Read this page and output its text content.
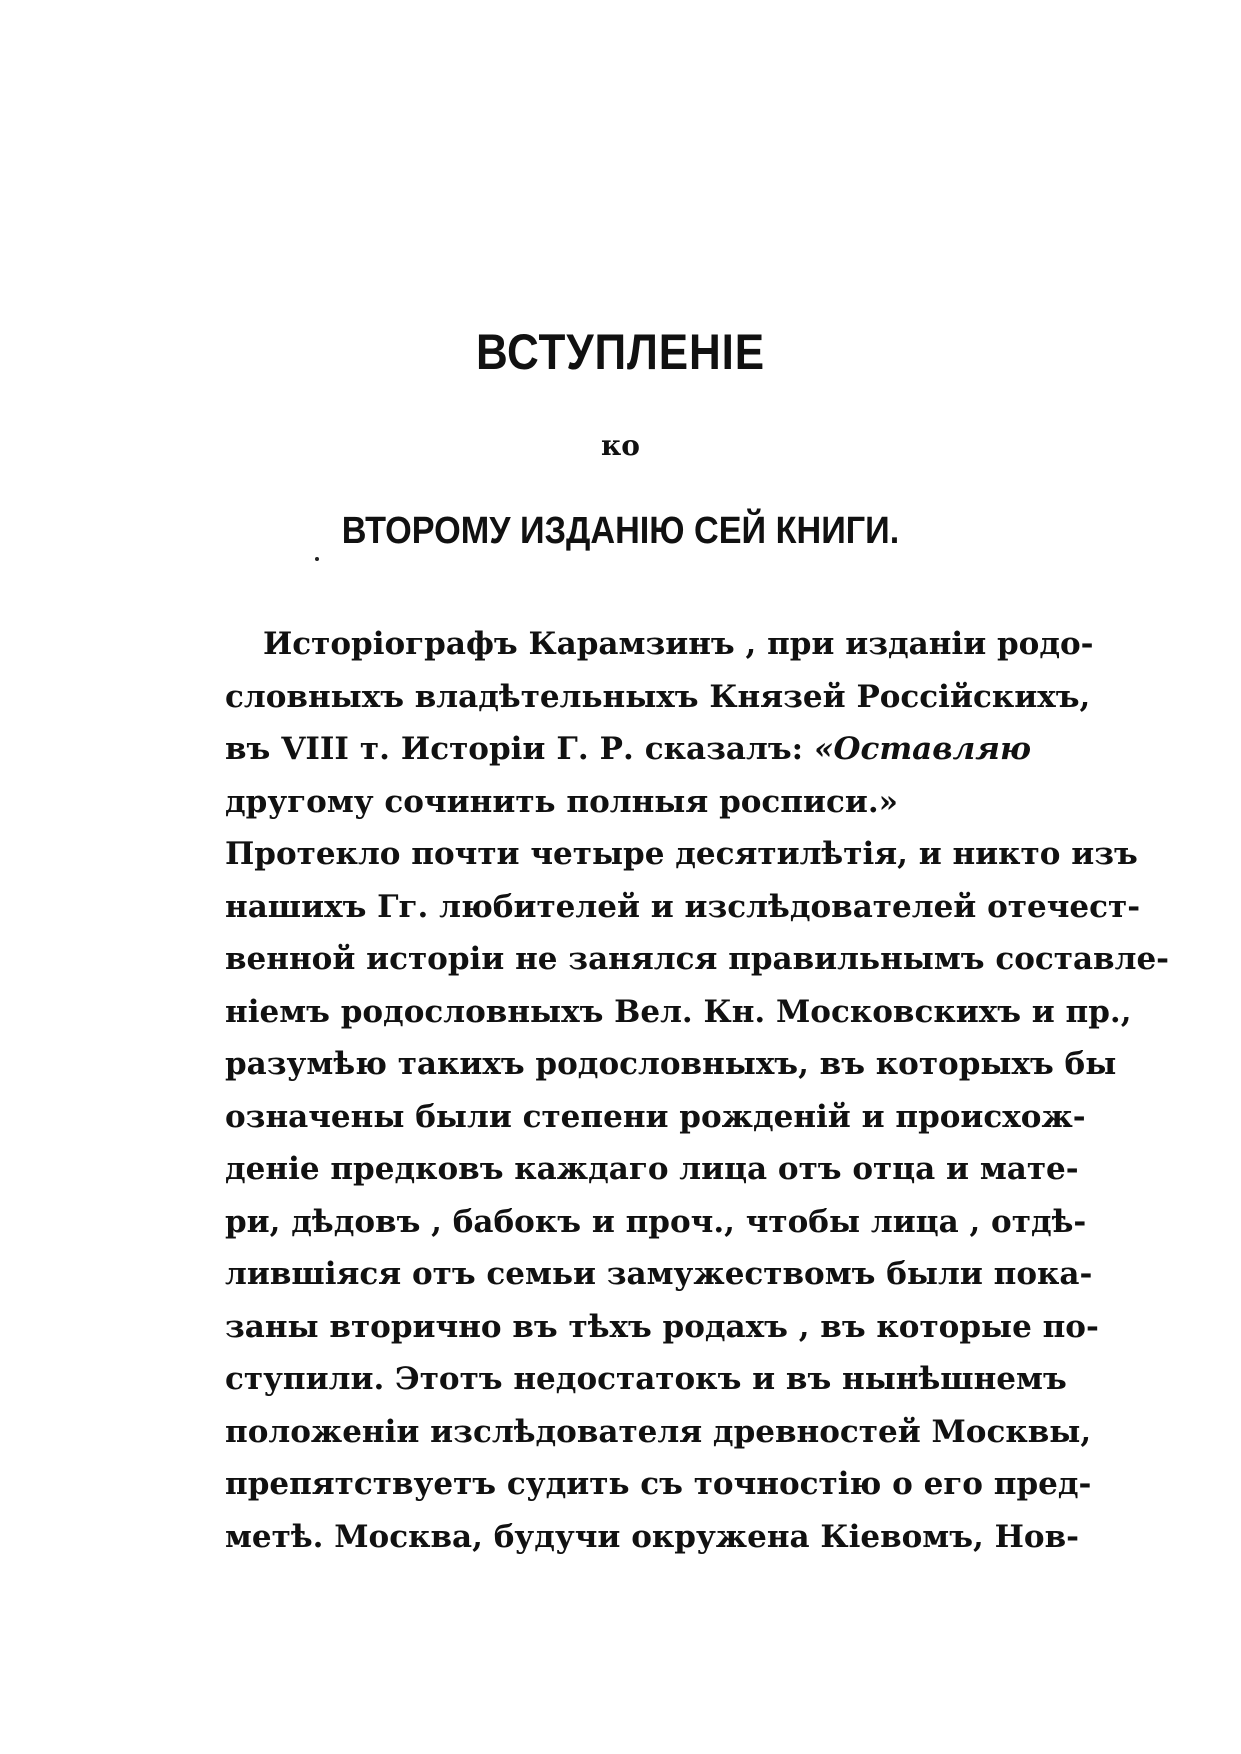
ВСТУПЛЕНІЕ
ко
ВТОРОМУ ИЗДАНІЮ СЕЙ КНИГИ.
Исторіографъ Карамзинъ , при изданіи родо-
словныхъ владѣтельныхъ Князей Россійскихъ,
въ VIII т. Исторіи Г. Р. сказалъ: «Оставляю
другому сочинить полныя росписи.»
Протекло почти четыре десятилѣтія, и никто изъ
нашихъ Гг. любителей и изслѣдователей отечест-
венной исторіи не занялся правильнымъ составле-
ніемъ родословныхъ Вел. Кн. Московскихъ и пр.,
разумѣю такихъ родословныхъ, въ которыхъ бы
означены были степени рожденій и происхож-
деніе предковъ каждаго лица отъ отца и мате-
ри, дѣдовъ , бабокъ и проч., чтобы лица , отдѣ-
лившіяся отъ семьи замужествомъ были пока-
заны вторично въ тѣхъ родахъ , въ которые по-
ступили. Этотъ недостатокъ и въ нынѣшнемъ
положеніи изслѣдователя древностей Москвы,
препятствуетъ судить съ точностію о его пред-
метѣ. Москва, будучи окружена Кіевомъ, Нов-
